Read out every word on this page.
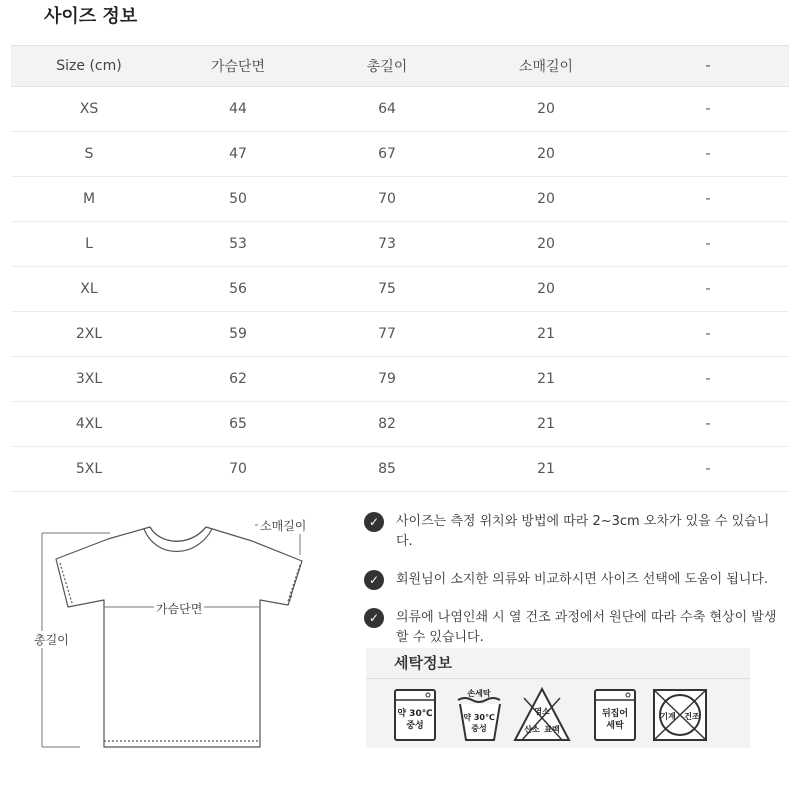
사이즈 정보
Size (cm)	가슴단면	총길이	소매길이	-
XS	44	64	20	-
S	47	67	20	-
M	50	70	20	-
L	53	73	20	-
XL	56	75	20	-
2XL	59	77	21	-
3XL	62	79	21	-
4XL	65	82	21	-
5XL	70	85	21	-
소매길이
가슴단면
총길이
✓	사이즈는 측정 위치와 방법에 따라 2~3cm 오차가 있을 수 있습니다.
✓	회원님이 소지한 의류와 비교하시면 사이즈 선택에 도움이 됩니다.
✓	의류에 나염인쇄 시 열 건조 과정에서 원단에 따라 수축 현상이 발생할 수 있습니다.
세탁정보
약 30℃
중성
손세탁
약 30℃
중성
염소
산소 표백
뒤집어
세탁
기계 건조
